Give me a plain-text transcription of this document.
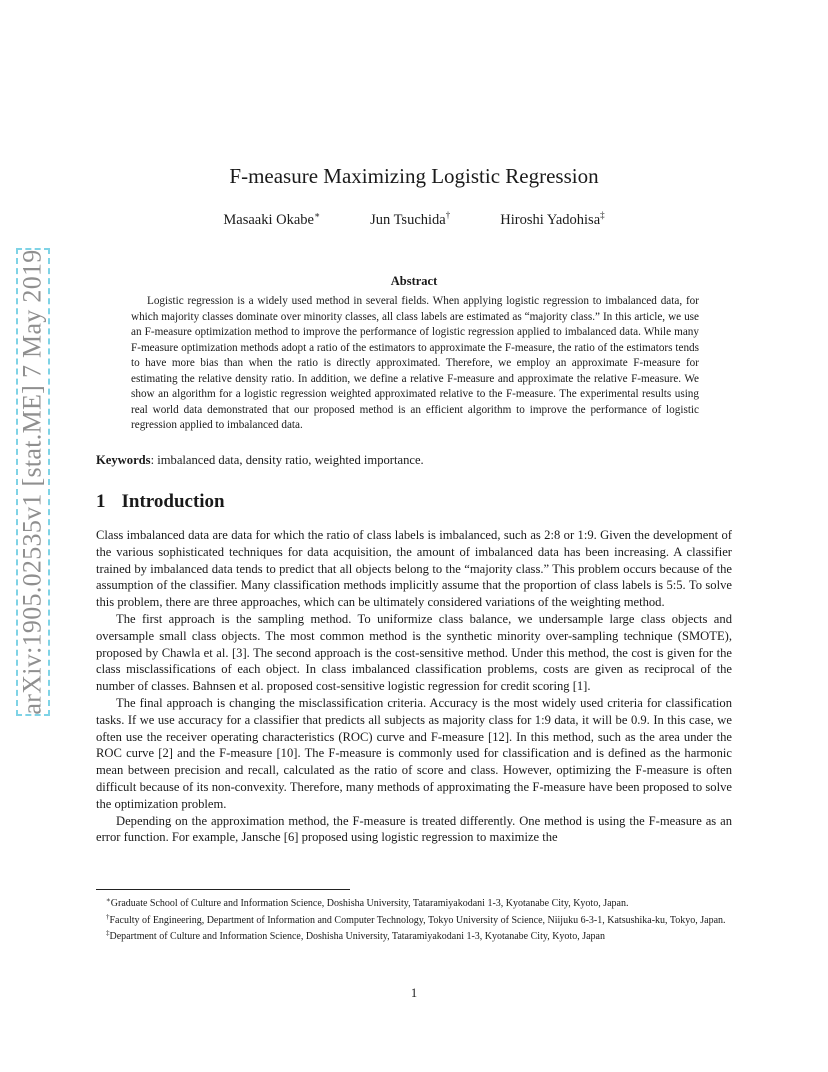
arXiv:1905.02535v1 [stat.ME] 7 May 2019
F-measure Maximizing Logistic Regression
Masaaki Okabe∗	Jun Tsuchida†	Hiroshi Yadohisa‡
Abstract

Logistic regression is a widely used method in several fields. When applying logistic regression to imbalanced data, for which majority classes dominate over minority classes, all class labels are estimated as “majority class.” In this article, we use an F-measure optimization method to improve the performance of logistic regression applied to imbalanced data. While many F-measure optimization methods adopt a ratio of the estimators to approximate the F-measure, the ratio of the estimators tends to have more bias than when the ratio is directly approximated. Therefore, we employ an approximate F-measure for estimating the relative density ratio. In addition, we define a relative F-measure and approximate the relative F-measure. We show an algorithm for a logistic regression weighted approximated relative to the F-measure. The experimental results using real world data demonstrated that our proposed method is an efficient algorithm to improve the performance of logistic regression applied to imbalanced data.

Keywords: imbalanced data, density ratio, weighted importance.

1 Introduction

Class imbalanced data are data for which the ratio of class labels is imbalanced, such as 2:8 or 1:9. Given the development of the various sophisticated techniques for data acquisition, the amount of imbalanced data has been increasing. A classifier trained by imbalanced data tends to predict that all objects belong to the “majority class.” This problem occurs because of the assumption of the classifier. Many classification methods implicitly assume that the proportion of class labels is 5:5. To solve this problem, there are three approaches, which can be ultimately considered variations of the weighting method.

The first approach is the sampling method. To uniformize class balance, we undersample large class objects and oversample small class objects. The most common method is the synthetic minority over-sampling technique (SMOTE), proposed by Chawla et al. [3]. The second approach is the cost-sensitive method. Under this method, the cost is given for the class misclassifications of each object. In class imbalanced classification problems, costs are given as reciprocal of the number of classes. Bahnsen et al. proposed cost-sensitive logistic regression for credit scoring [1].

The final approach is changing the misclassification criteria. Accuracy is the most widely used criteria for classification tasks. If we use accuracy for a classifier that predicts all subjects as majority class for 1:9 data, it will be 0.9. In this case, we often use the receiver operating characteristics (ROC) curve and F-measure [12]. In this method, such as the area under the ROC curve [2] and the F-measure [10]. The F-measure is commonly used for classification and is defined as the harmonic mean between precision and recall, calculated as the ratio of score and class. However, optimizing the F-measure is often difficult because of its non-convexity. Therefore, many methods of approximating the F-measure have been proposed to solve the optimization problem.

Depending on the approximation method, the F-measure is treated differently. One method is using the F-measure as an error function. For example, Jansche [6] proposed using logistic regression to maximize the

∗Graduate School of Culture and Information Science, Doshisha University, Tataramiyakodani 1-3, Kyotanabe City, Kyoto, Japan.

†Faculty of Engineering, Department of Information and Computer Technology, Tokyo University of Science, Niijuku 6-3-1, Katsushika-ku, Tokyo, Japan.

‡Department of Culture and Information Science, Doshisha University, Tataramiyakodani 1-3, Kyotanabe City, Kyoto, Japan

1
